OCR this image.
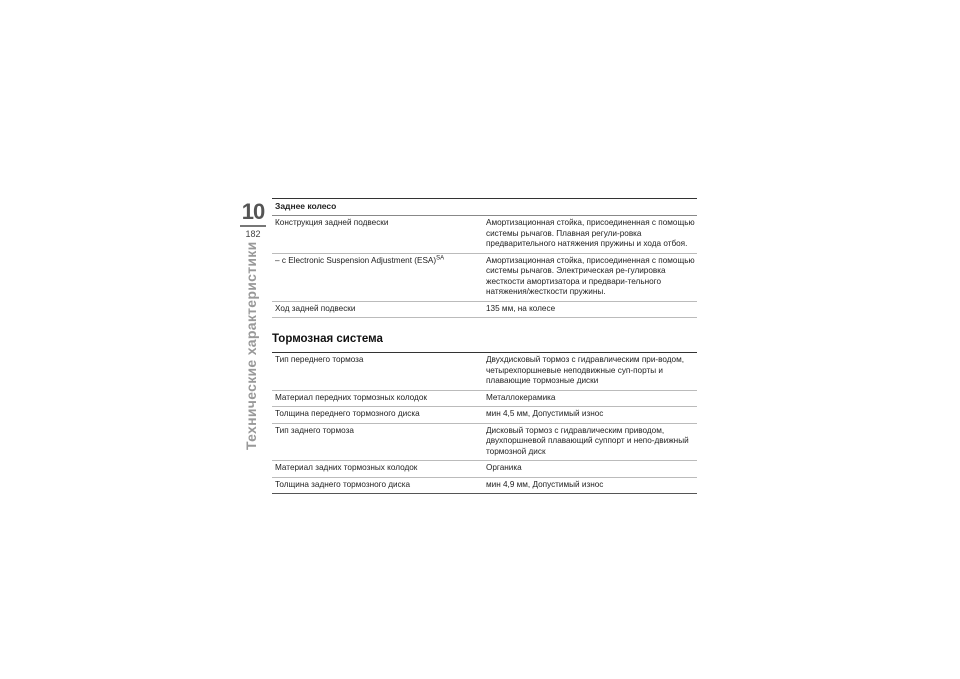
10
182
Технические характеристики
Заднее колесо
Конструкция задней подвески	Амортизационная стойка, присоединенная с помощью системы рычагов. Плавная регули-ровка предварительного натяжения пружины и хода отбоя.
– с Electronic Suspension Adjustment (ESA)$^{SA}$	Амортизационная стойка, присоединенная с помощью системы рычагов. Электрическая ре-гулировка жесткости амортизатора и предвари-тельного натяжения/жесткости пружины.
Ход задней подвески	135 мм, на колесе
Тормозная система
Тип переднего тормоза	Двухдисковый тормоз с гидравлическим при-водом, четырехпоршневые неподвижные суп-порты и плавающие тормозные диски
Материал передних тормозных колодок	Металлокерамика
Толщина переднего тормозного диска	мин 4,5 мм, Допустимый износ
Тип заднего тормоза	Дисковый тормоз с гидравлическим приводом, двухпоршневой плавающий суппорт и непо-движный тормозной диск
Материал задних тормозных колодок	Органика
Толщина заднего тормозного диска	мин 4,9 мм, Допустимый износ
